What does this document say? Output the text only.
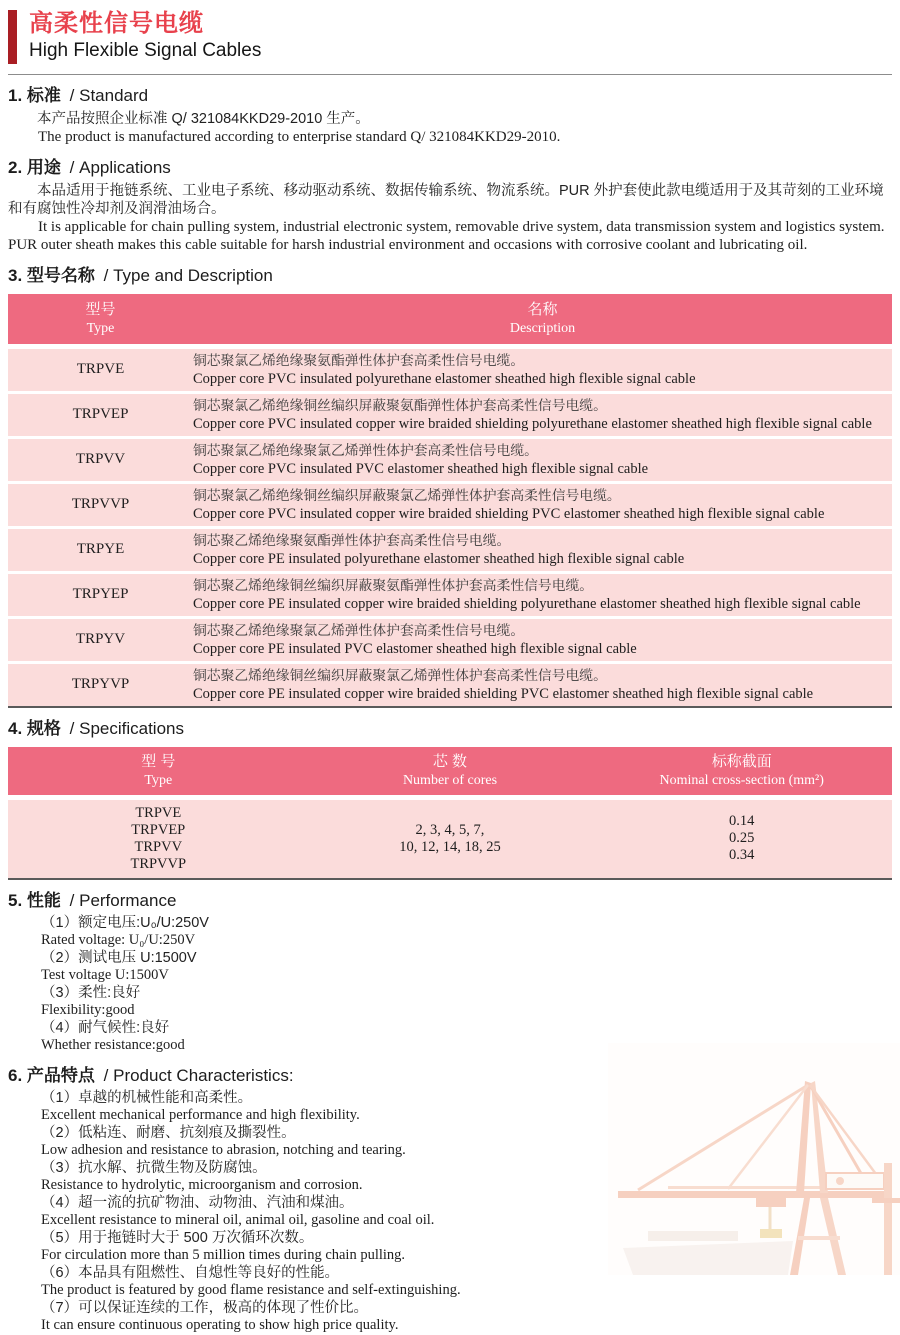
高柔性信号电缆
High Flexible Signal Cables
1. 标准 / Standard

本产品按照企业标准 Q/ 321084KKD29-2010 生产。

The product is manufactured according to enterprise standard Q/ 321084KKD29-2010.

2. 用途 / Applications

本品适用于拖链系统、工业电子系统、移动驱动系统、数据传输系统、物流系统。PUR 外护套使此款电缆适用于及其苛刻的工业环境和有腐蚀性冷却剂及润滑油场合。

It is applicable for chain pulling system, industrial electronic system, removable drive system, data transmission system and logistics system. PUR outer sheath makes this cable suitable for harsh industrial environment and occasions with corrosive coolant and lubricating oil.

3. 型号名称 / Type and Description
型号
Type
名称
Description
TRPVE
铜芯聚氯乙烯绝缘聚氨酯弹性体护套高柔性信号电缆。
Copper core PVC insulated polyurethane elastomer sheathed high flexible signal cable
TRPVEP
铜芯聚氯乙烯绝缘铜丝编织屏蔽聚氨酯弹性体护套高柔性信号电缆。
Copper core PVC insulated copper wire braided shielding polyurethane elastomer sheathed high flexible signal cable
TRPVV
铜芯聚氯乙烯绝缘聚氯乙烯弹性体护套高柔性信号电缆。
Copper core PVC insulated PVC elastomer sheathed high flexible signal cable
TRPVVP
铜芯聚氯乙烯绝缘铜丝编织屏蔽聚氯乙烯弹性体护套高柔性信号电缆。
Copper core PVC insulated copper wire braided shielding PVC elastomer sheathed high flexible signal cable
TRPYE
铜芯聚乙烯绝缘聚氨酯弹性体护套高柔性信号电缆。
Copper core PE insulated polyurethane elastomer sheathed high flexible signal cable
TRPYEP
铜芯聚乙烯绝缘铜丝编织屏蔽聚氨酯弹性体护套高柔性信号电缆。
Copper core PE insulated copper wire braided shielding polyurethane elastomer sheathed high flexible signal cable
TRPYV
铜芯聚乙烯绝缘聚氯乙烯弹性体护套高柔性信号电缆。
Copper core PE insulated PVC elastomer sheathed high flexible signal cable
TRPYVP
铜芯聚乙烯绝缘铜丝编织屏蔽聚氯乙烯弹性体护套高柔性信号电缆。
Copper core PE insulated copper wire braided shielding PVC elastomer sheathed high flexible signal cable
4. 规格 / Specifications
型 号
Type
芯 数
Number of cores
标称截面
Nominal cross-section (mm²)
TRPVE
TRPVEP
TRPVV
TRPVVP
2, 3, 4, 5, 7,
10, 12, 14, 18, 25
0.14
0.25
0.34
5. 性能 / Performance
（1）额定电压:U₀/U:250V
Rated voltage: U₀/U:250V
（2）测试电压 U:1500V
Test voltage U:1500V
（3）柔性:良好
Flexibility:good
（4）耐气候性:良好
Whether resistance:good
6. 产品特点 / Product Characteristics:
（1）卓越的机械性能和高柔性。
Excellent mechanical performance and high flexibility.
（2）低粘连、耐磨、抗刻痕及撕裂性。
Low adhesion and resistance to abrasion, notching and tearing.
（3）抗水解、抗微生物及防腐蚀。
Resistance to hydrolytic, microorganism and corrosion.
（4）超一流的抗矿物油、动物油、汽油和煤油。
Excellent resistance to mineral oil, animal oil, gasoline and coal oil.
（5）用于拖链时大于 500 万次循环次数。
For circulation more than 5 million times during chain pulling.
（6）本品具有阻燃性、自熄性等良好的性能。
The product is featured by good flame resistance and self-extinguishing.
（7）可以保证连续的工作，极高的体现了性价比。
It can ensure continuous operating to show high price quality.
